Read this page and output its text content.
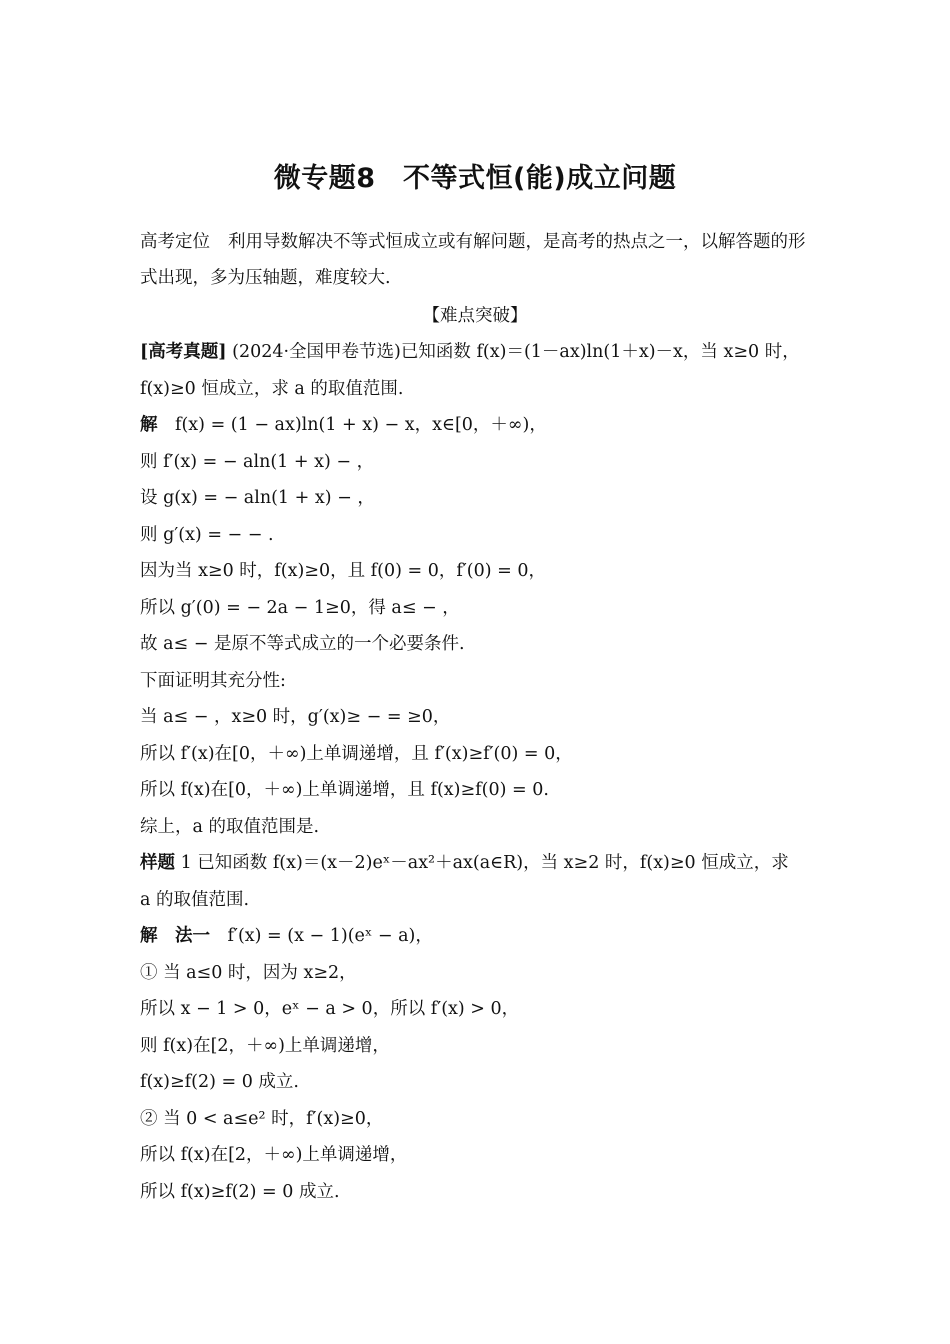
微专题8　不等式恒(能)成立问题
高考定位 利用导数解决不等式恒成立或有解问题，是高考的热点之一，以解答题的形式出现，多为压轴题，难度较大.
【难点突破】
[高考真题] (2024·全国甲卷节选)已知函数 f(x)＝(1－ax)ln(1＋x)－x，当 x≥0 时，
f(x)≥0 恒成立，求 a 的取值范围.
解　f(x) = (1 − ax)ln(1 + x) − x，x∈[0，＋∞)，
则 f′(x) = − aln(1 + x) − ，
设 g(x) = − aln(1 + x) − ，
则 g′(x) = − − .
因为当 x≥0 时，f(x)≥0，且 f(0) = 0，f′(0) = 0，
所以 g′(0) = − 2a − 1≥0，得 a≤ − ，
故 a≤ − 是原不等式成立的一个必要条件.
下面证明其充分性:
当 a≤ − ，x≥0 时，g′(x)≥ − = ≥0，
所以 f′(x)在[0，＋∞)上单调递增，且 f′(x)≥f′(0) = 0，
所以 f(x)在[0，＋∞)上单调递增，且 f(x)≥f(0) = 0.
综上，a 的取值范围是.
样题 1 已知函数 f(x)＝(x－2)eˣ－ax²＋ax(a∈R)，当 x≥2 时，f(x)≥0 恒成立，求
a 的取值范围.
解　法一　f′(x) = (x − 1)(eˣ − a)，
① 当 a≤0 时，因为 x≥2，
所以 x − 1 > 0，eˣ − a > 0，所以 f′(x) > 0，
则 f(x)在[2，＋∞)上单调递增，
f(x)≥f(2) = 0 成立.
② 当 0 < a≤e² 时，f′(x)≥0，
所以 f(x)在[2，＋∞)上单调递增，
所以 f(x)≥f(2) = 0 成立.
